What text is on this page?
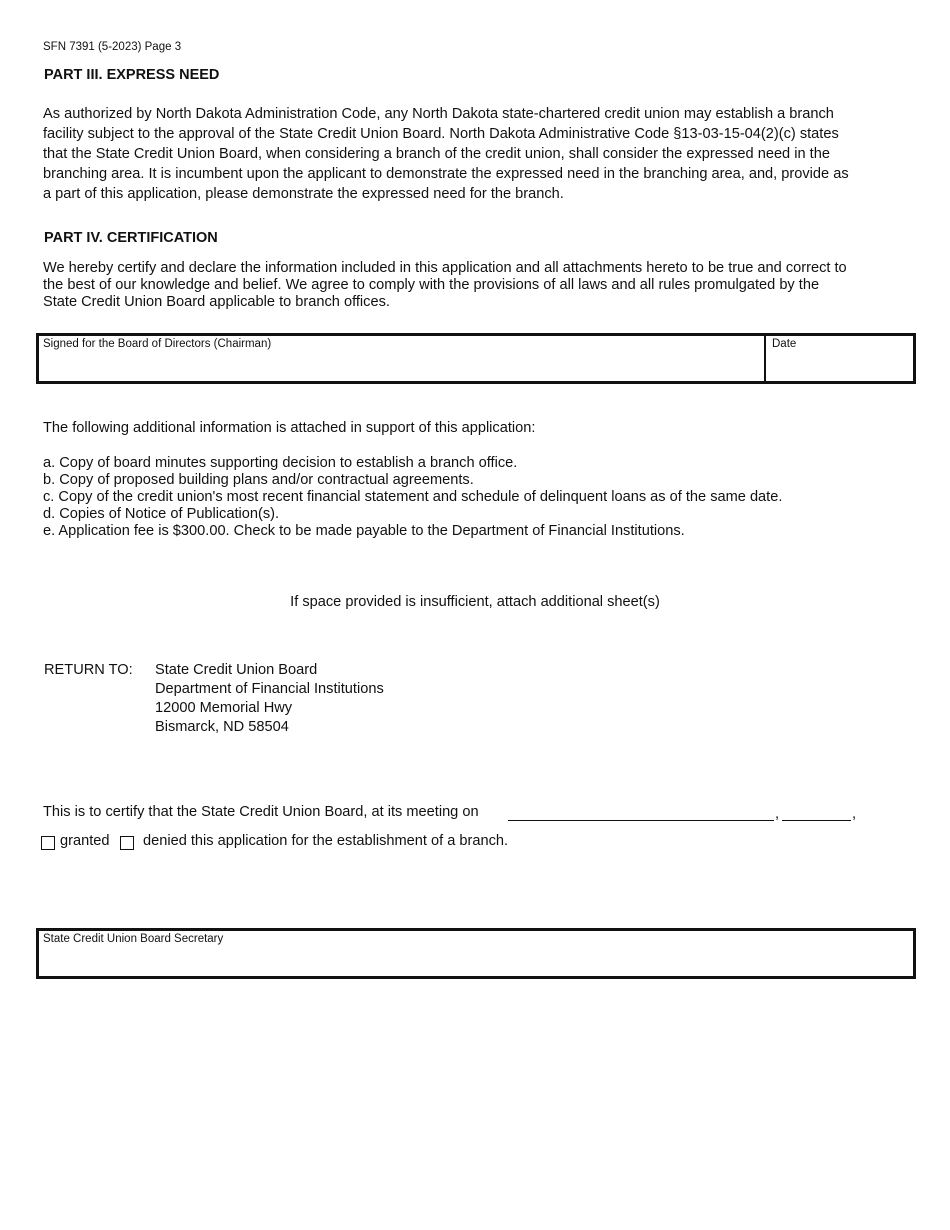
SFN 7391 (5-2023) Page 3
PART III. EXPRESS NEED
As authorized by North Dakota Administration Code, any North Dakota state-chartered credit union may establish a branch
facility subject to the approval of the State Credit Union Board. North Dakota Administrative Code §13-03-15-04(2)(c) states
that the State Credit Union Board, when considering a branch of the credit union, shall consider the expressed need in the
branching area. It is incumbent upon the applicant to demonstrate the expressed need in the branching area, and, provide as
a part of this application, please demonstrate the expressed need for the branch.
PART IV. CERTIFICATION
We hereby certify and declare the information included in this application and all attachments hereto to be true and correct to
the best of our knowledge and belief. We agree to comply with the provisions of all laws and all rules promulgated by the
State Credit Union Board applicable to branch offices.
Signed for the Board of Directors (Chairman)	Date
The following additional information is attached in support of this application:
a. Copy of board minutes supporting decision to establish a branch office.
b. Copy of proposed building plans and/or contractual agreements.
c. Copy of the credit union's most recent financial statement and schedule of delinquent loans as of the same date.
d. Copies of Notice of Publication(s).
e. Application fee is $300.00. Check to be made payable to the Department of Financial Institutions.
If space provided is insufficient, attach additional sheet(s)
RETURN TO: State Credit Union Board
Department of Financial Institutions
12000 Memorial Hwy
Bismarck, ND 58504
This is to certify that the State Credit Union Board, at its meeting on	,	,
granted denied this application for the establishment of a branch.
State Credit Union Board Secretary
